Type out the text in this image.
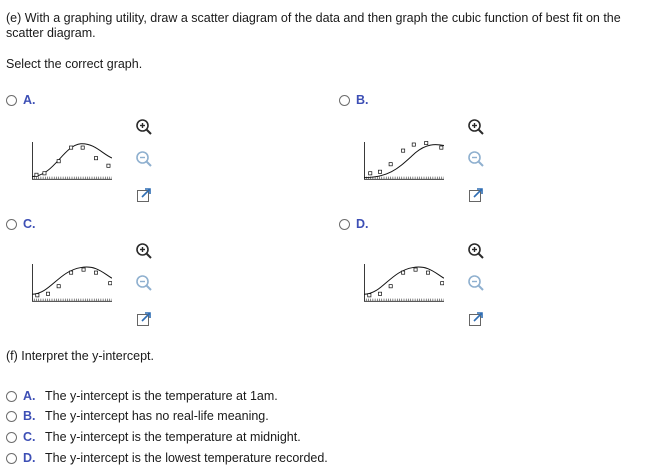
(e) With a graphing utility, draw a scatter diagram of the data and then graph the cubic function of best fit on the
scatter diagram.
Select the correct graph.
A.	B.
C.	D.
(f) Interpret the y-intercept.
A. The y-intercept is the temperature at 1am.
B. The y-intercept has no real-life meaning.
C. The y-intercept is the temperature at midnight.
D. The y-intercept is the lowest temperature recorded.
